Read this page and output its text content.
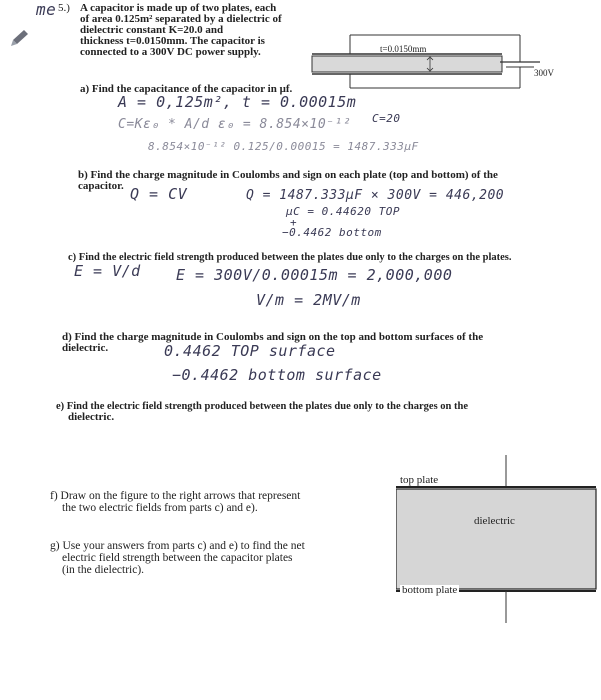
me 5.) A capacitor is made up of two plates, each
of area 0.125m² separated by a dielectric of
dielectric constant K=20.0 and
thickness t=0.0150mm. The capacitor is
connected to a 300V DC power supply.	t=0.0150mm
300V
a) Find the capacitance of the capacitor in μf.
A = 0,125m², t = 0.00015m
C=20
C=Kε₀ * A/d ε₀ = 8.854×10⁻¹²
8.854×10⁻¹² 0.125/0.00015 = 1487.333μF
b) Find the charge magnitude in Coulombs and sign on each plate (top and bottom) of the
capacitor. Q = CV	Q = 1487.333μF × 300V = 446,200
μC = 0.44620 TOP
+
−0.4462 bottom
c) Find the electric field strength produced between the plates due only to the charges on the plates.
E = V/d E = 300V/0.00015m = 2,000,000
V/m = 2MV/m
d) Find the charge magnitude in Coulombs and sign on the top and bottom surfaces of the
dielectric.	0.4462 TOP surface
−0.4462 bottom surface
e) Find the electric field strength produced between the plates due only to the charges on the
dielectric.
f) Draw on the figure to the right arrows that represent
the two electric fields from parts c) and e).
g) Use your answers from parts c) and e) to find the net
electric field strength between the capacitor plates
(in the dielectric).
top plate
dielectric
bottom plate
